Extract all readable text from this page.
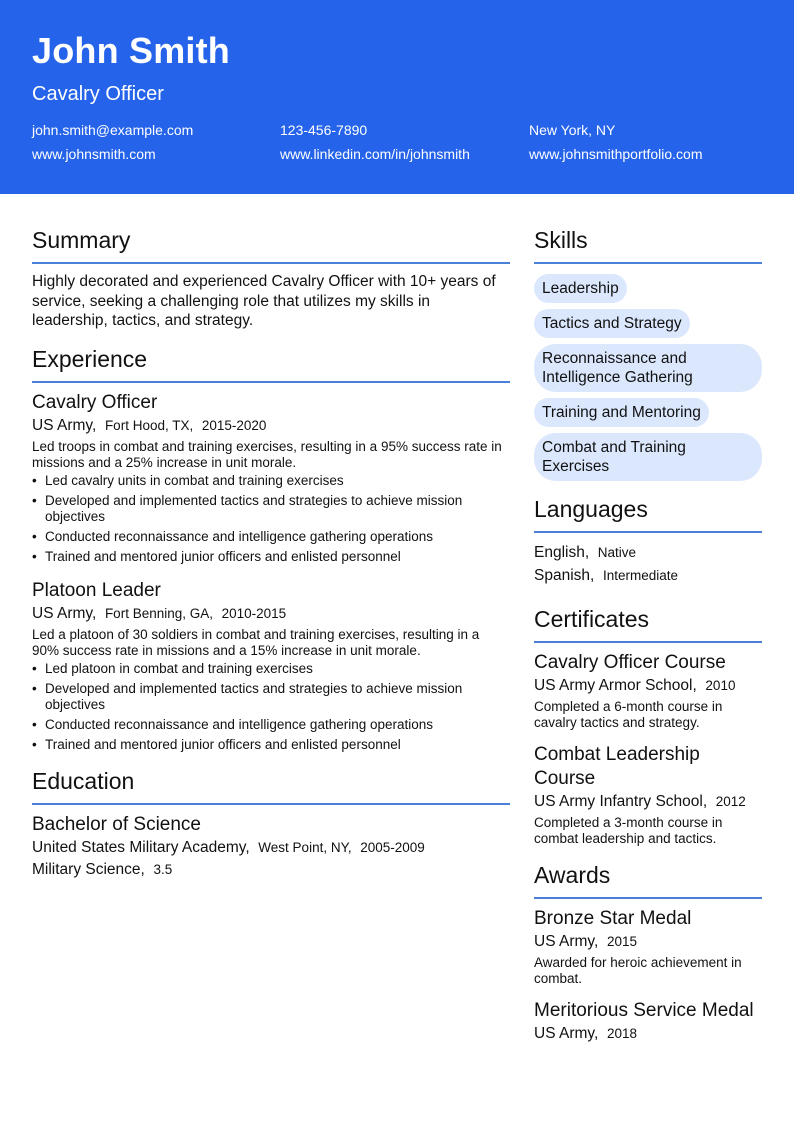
John Smith
Cavalry Officer
john.smith@example.com	123-456-7890	New York, NY
www.johnsmith.com	www.linkedin.com/in/johnsmith	www.johnsmithportfolio.com
Summary
Highly decorated and experienced Cavalry Officer with 10+ years of service, seeking a challenging role that utilizes my skills in leadership, tactics, and strategy.
Experience
Cavalry Officer
US Army, Fort Hood, TX, 2015-2020
Led troops in combat and training exercises, resulting in a 95% success rate in missions and a 25% increase in unit morale.
• Led cavalry units in combat and training exercises
• Developed and implemented tactics and strategies to achieve mission objectives
• Conducted reconnaissance and intelligence gathering operations
• Trained and mentored junior officers and enlisted personnel
Platoon Leader
US Army, Fort Benning, GA, 2010-2015
Led a platoon of 30 soldiers in combat and training exercises, resulting in a 90% success rate in missions and a 15% increase in unit morale.
• Led platoon in combat and training exercises
• Developed and implemented tactics and strategies to achieve mission objectives
• Conducted reconnaissance and intelligence gathering operations
• Trained and mentored junior officers and enlisted personnel
Education
Bachelor of Science
United States Military Academy, West Point, NY, 2005-2009
Military Science, 3.5
Skills
Leadership
Tactics and Strategy
Reconnaissance and Intelligence Gathering
Training and Mentoring
Combat and Training Exercises
Languages
English, Native
Spanish, Intermediate
Certificates
Cavalry Officer Course
US Army Armor School, 2010
Completed a 6-month course in cavalry tactics and strategy.
Combat Leadership Course
US Army Infantry School, 2012
Completed a 3-month course in combat leadership and tactics.
Awards
Bronze Star Medal
US Army, 2015
Awarded for heroic achievement in combat.
Meritorious Service Medal
US Army, 2018
